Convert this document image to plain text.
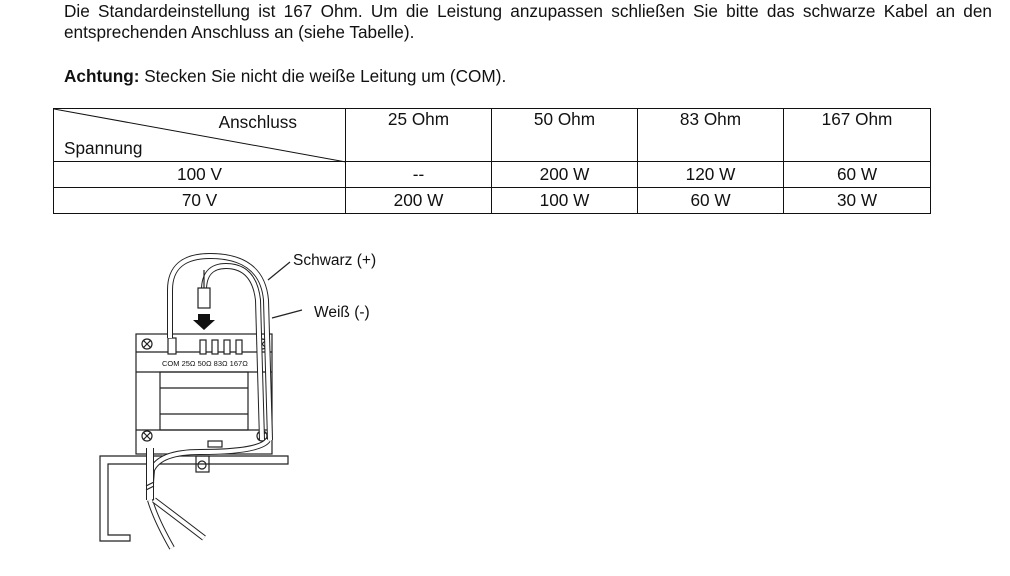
Die Standardeinstellung ist 167 Ohm. Um die Leistung anzupassen schließen Sie bitte das schwarze Kabel an den entsprechenden Anschluss an (siehe Tabelle).

Achtung: Stecken Sie nicht die weiße Leitung um (COM).

Anschluss
Spannung	25 Ohm	50 Ohm	83 Ohm	167 Ohm
100 V	--	200 W	120 W	60 W
70 V	200 W	100 W	60 W	30 W
COM 25Ω 50Ω 83Ω 167Ω
Schwarz (+)
Weiß (-)
